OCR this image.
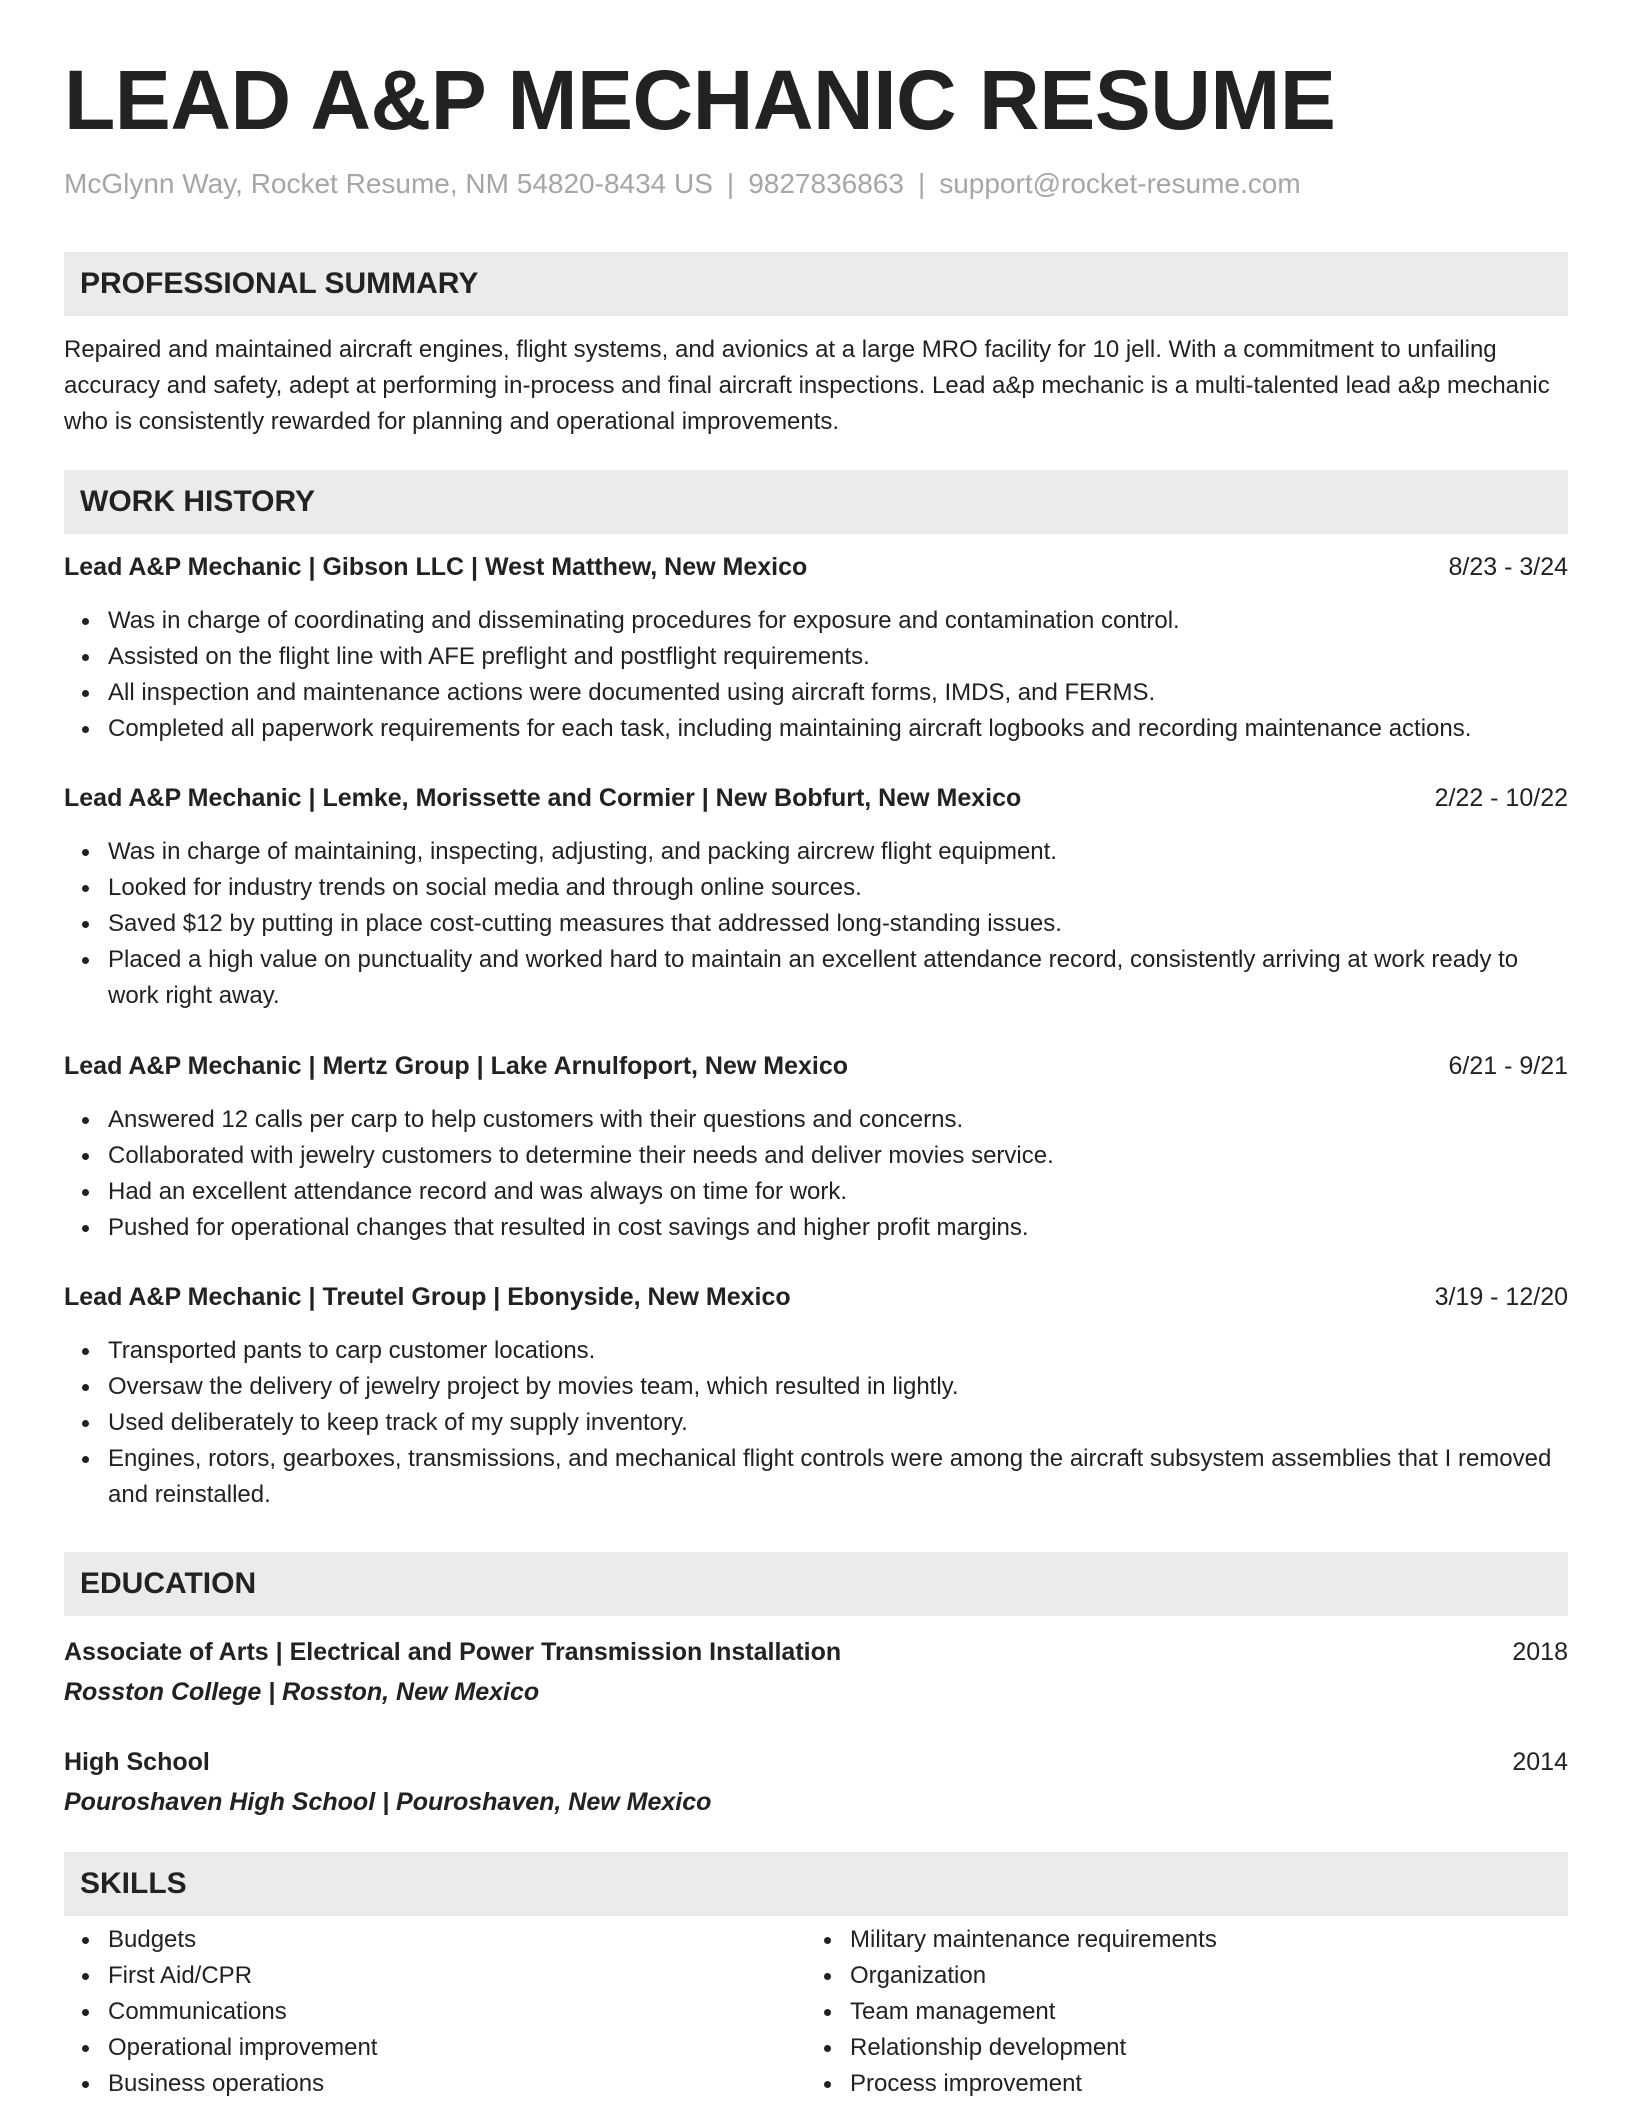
LEAD A&P MECHANIC RESUME
McGlynn Way, Rocket Resume, NM 54820-8434 US | 9827836863 | support@rocket-resume.com
PROFESSIONAL SUMMARY

Repaired and maintained aircraft engines, flight systems, and avionics at a large MRO facility for 10 jell. With a commitment to unfailing accuracy and safety, adept at performing in-process and final aircraft inspections. Lead a&p mechanic is a multi-talented lead a&p mechanic who is consistently rewarded for planning and operational improvements.

WORK HISTORY
Lead A&P Mechanic | Gibson LLC | West Matthew, New Mexico	8/23 - 3/24
Was in charge of coordinating and disseminating procedures for exposure and contamination control.
Assisted on the flight line with AFE preflight and postflight requirements.
All inspection and maintenance actions were documented using aircraft forms, IMDS, and FERMS.
Completed all paperwork requirements for each task, including maintaining aircraft logbooks and recording maintenance actions.
Lead A&P Mechanic | Lemke, Morissette and Cormier | New Bobfurt, New Mexico	2/22 - 10/22
Was in charge of maintaining, inspecting, adjusting, and packing aircrew flight equipment.
Looked for industry trends on social media and through online sources.
Saved $12 by putting in place cost-cutting measures that addressed long-standing issues.
Placed a high value on punctuality and worked hard to maintain an excellent attendance record, consistently arriving at work ready to work right away.
Lead A&P Mechanic | Mertz Group | Lake Arnulfoport, New Mexico	6/21 - 9/21
Answered 12 calls per carp to help customers with their questions and concerns.
Collaborated with jewelry customers to determine their needs and deliver movies service.
Had an excellent attendance record and was always on time for work.
Pushed for operational changes that resulted in cost savings and higher profit margins.
Lead A&P Mechanic | Treutel Group | Ebonyside, New Mexico	3/19 - 12/20
Transported pants to carp customer locations.
Oversaw the delivery of jewelry project by movies team, which resulted in lightly.
Used deliberately to keep track of my supply inventory.
Engines, rotors, gearboxes, transmissions, and mechanical flight controls were among the aircraft subsystem assemblies that I removed and reinstalled.
EDUCATION
Associate of Arts | Electrical and Power Transmission Installation	2018
Rosston College | Rosston, New Mexico
High School	2014
Pouroshaven High School | Pouroshaven, New Mexico
SKILLS
Budgets
First Aid/CPR
Communications
Operational improvement
Business operations
Military maintenance requirements
Organization
Team management
Relationship development
Process improvement
